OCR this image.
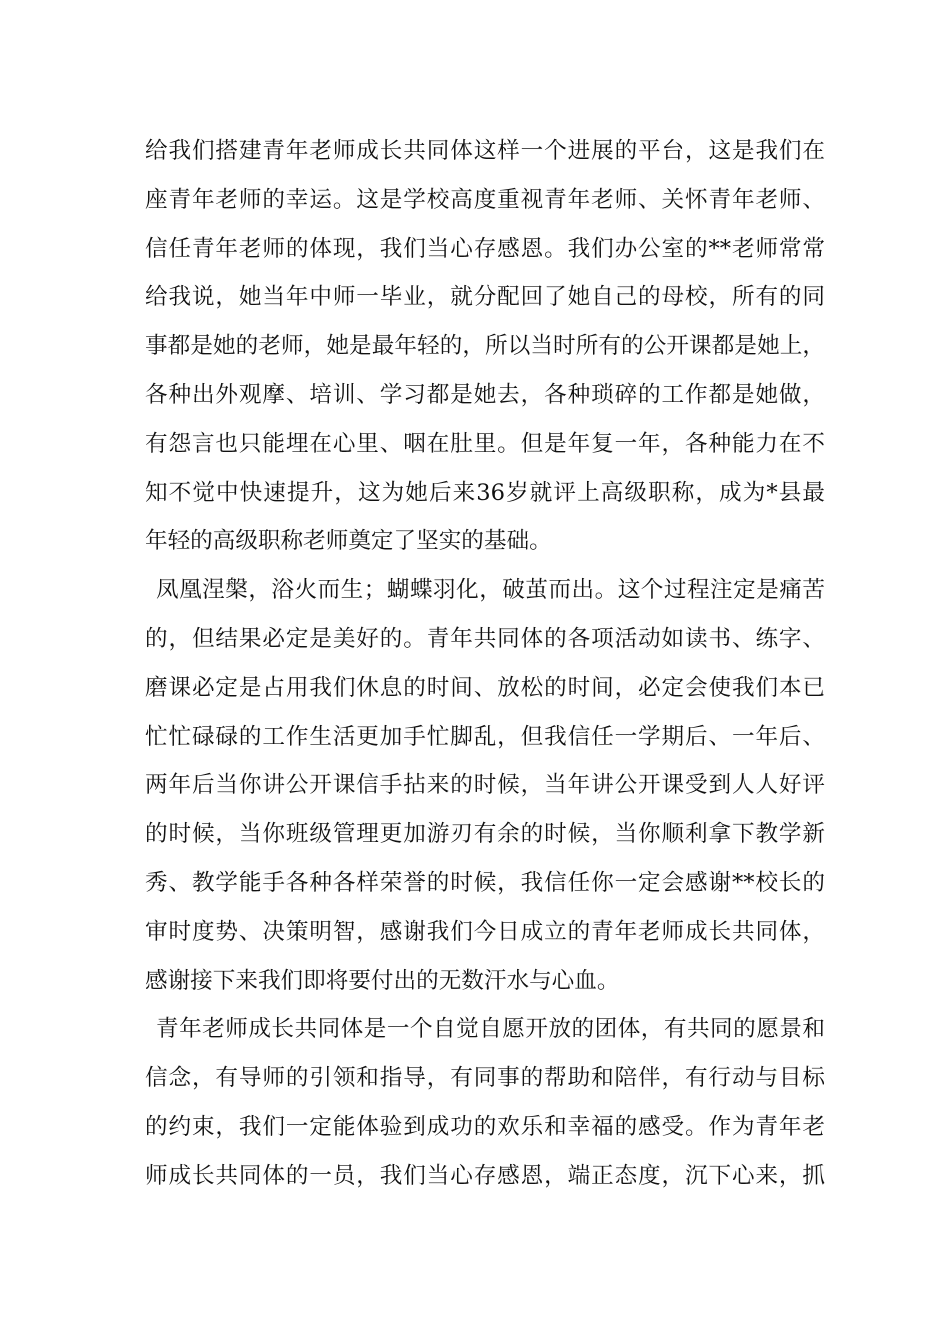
给我们搭建青年老师成长共同体这样一个进展的平台，这是我们在
座青年老师的幸运。这是学校高度重视青年老师、关怀青年老师、
信任青年老师的体现，我们当心存感恩。我们办公室的**老师常常
给我说，她当年中师一毕业，就分配回了她自己的母校，所有的同
事都是她的老师，她是最年轻的，所以当时所有的公开课都是她上，
各种出外观摩、培训、学习都是她去，各种琐碎的工作都是她做，
有怨言也只能埋在心里、咽在肚里。但是年复一年，各种能力在不
知不觉中快速提升，这为她后来36岁就评上高级职称，成为*县最
年轻的高级职称老师奠定了坚实的基础。
凤凰涅槃，浴火而生；蝴蝶羽化，破茧而出。这个过程注定是痛苦
的，但结果必定是美好的。青年共同体的各项活动如读书、练字、
磨课必定是占用我们休息的时间、放松的时间，必定会使我们本已
忙忙碌碌的工作生活更加手忙脚乱，但我信任一学期后、一年后、
两年后当你讲公开课信手拈来的时候，当年讲公开课受到人人好评
的时候，当你班级管理更加游刃有余的时候，当你顺利拿下教学新
秀、教学能手各种各样荣誉的时候，我信任你一定会感谢**校长的
审时度势、决策明智，感谢我们今日成立的青年老师成长共同体，
感谢接下来我们即将要付出的无数汗水与心血。
青年老师成长共同体是一个自觉自愿开放的团体，有共同的愿景和
信念，有导师的引领和指导，有同事的帮助和陪伴，有行动与目标
的约束，我们一定能体验到成功的欢乐和幸福的感受。作为青年老
师成长共同体的一员，我们当心存感恩，端正态度，沉下心来，抓
